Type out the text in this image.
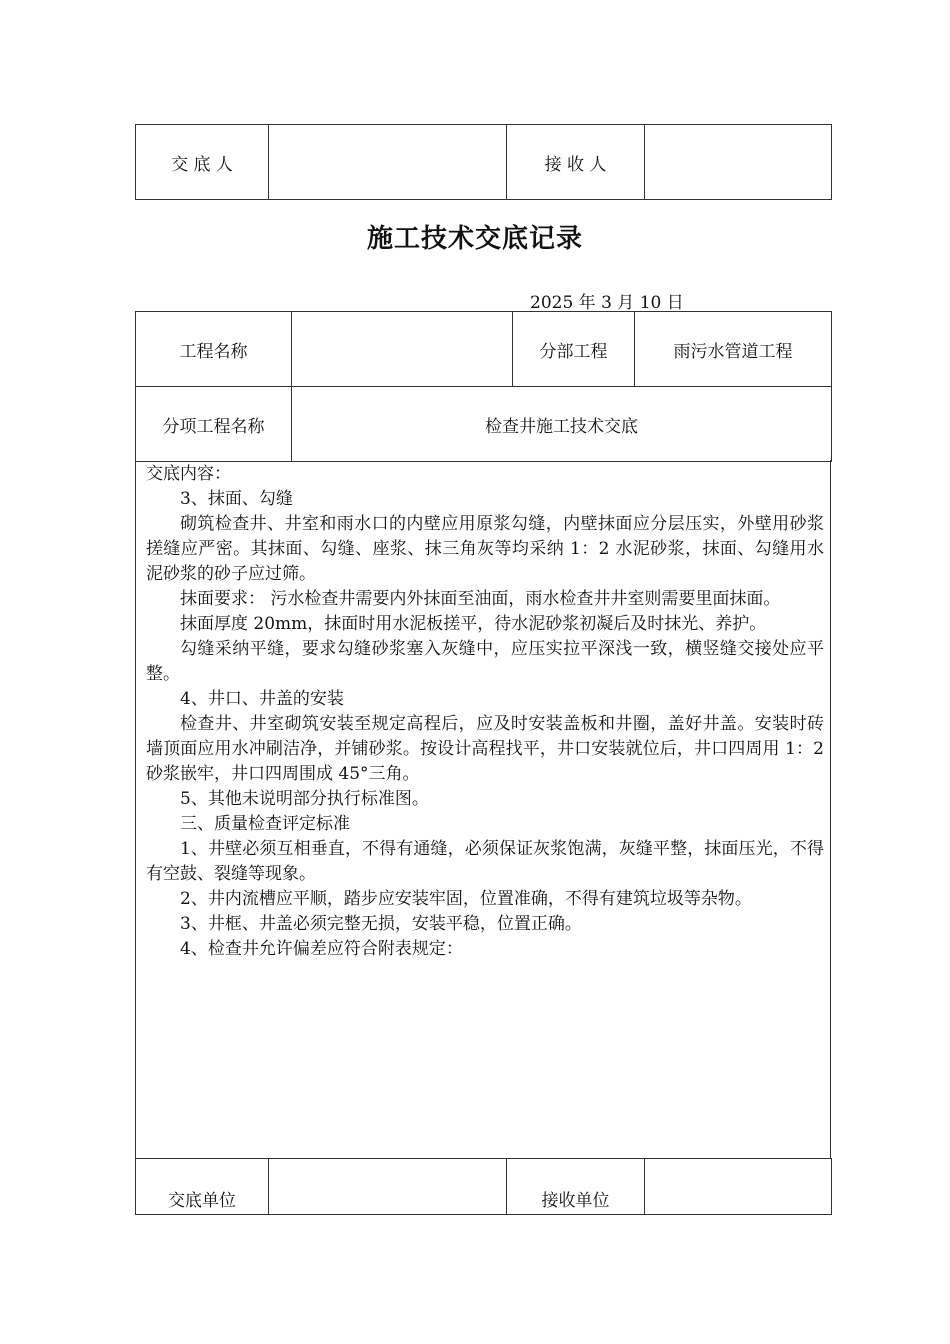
交 底 人		接 收 人	
施工技术交底记录
2025 年 3 月 10 日
工程名称		分部工程	雨污水管道工程
分项工程名称	检查井施工技术交底		

交底内容：

3、抹面、勾缝

砌筑检查井、井室和雨水口的内壁应用原浆勾缝，内壁抹面应分层压实，外壁用砂浆搓缝应严密。其抹面、勾缝、座浆、抹三角灰等均采纳 1：2 水泥砂浆，抹面、勾缝用水泥砂浆的砂子应过筛。

抹面要求： 污水检查井需要内外抹面至油面，雨水检查井井室则需要里面抹面。

抹面厚度 20mm，抹面时用水泥板搓平，待水泥砂浆初凝后及时抹光、养护。

勾缝采纳平缝，要求勾缝砂浆塞入灰缝中，应压实拉平深浅一致，横竖缝交接处应平整。

4、井口、井盖的安装

检查井、井室砌筑安装至规定高程后，应及时安装盖板和井圈，盖好井盖。安装时砖墙顶面应用水冲刷洁净，并铺砂浆。按设计高程找平，井口安装就位后，井口四周用 1：2 砂浆嵌牢，井口四周围成 45°三角。

5、其他未说明部分执行标准图。

三、质量检查评定标准

1、井壁必须互相垂直，不得有通缝，必须保证灰浆饱满，灰缝平整，抹面压光，不得有空鼓、裂缝等现象。

2、井内流槽应平顺，踏步应安装牢固，位置准确，不得有建筑垃圾等杂物。

3、井框、井盖必须完整无损，安装平稳，位置正确。

4、检查井允许偏差应符合附表规定：

交底单位		接收单位	
